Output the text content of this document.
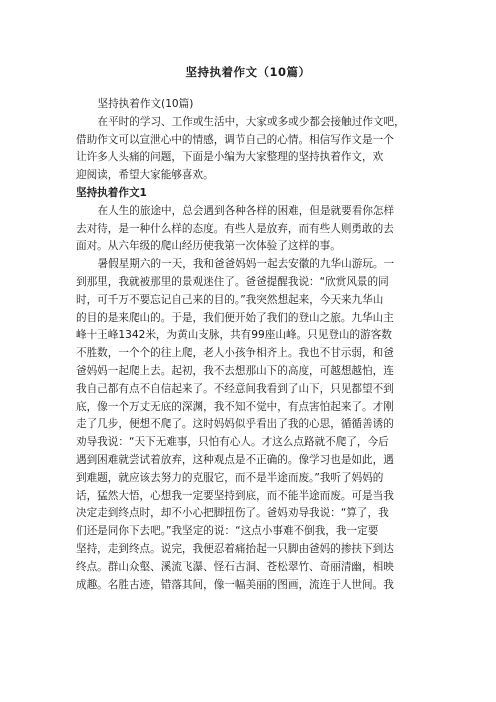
坚持执着作文（10篇）
坚持执着作文(10篇)
在平时的学习、工作或生活中，大家或多或少都会接触过作文吧，
借助作文可以宣泄心中的情感，调节自己的心情。相信写作文是一个
让许多人头痛的问题，下面是小编为大家整理的坚持执着作文，欢
迎阅读，希望大家能够喜欢。
坚持执着作文1
在人生的旅途中，总会遇到各种各样的困难，但是就要看你怎样
去对待，是一种什么样的态度。有些人是放弃，而有些人则勇敢的去
面对。从六年级的爬山经历使我第一次体验了这样的事。
暑假星期六的一天，我和爸爸妈妈一起去安徽的九华山游玩。一
到那里，我就被那里的景观迷住了。爸爸提醒我说：“欣赏风景的同
时，可千万不要忘记自己来的目的。”我突然想起来，今天来九华山
的目的是来爬山的。于是，我们便开始了我们的登山之旅。九华山主
峰十王峰1342米，为黄山支脉，共有99座山峰。只见登山的游客数
不胜数，一个个的往上爬，老人小孩争相齐上。我也不甘示弱，和爸
爸妈妈一起爬上去。起初，我不去想那山下的高度，可越想越怕，连
我自己都有点不自信起来了。不经意间我看到了山下，只见都望不到
底，像一个万丈无底的深渊，我不知不觉中，有点害怕起来了。才刚
走了几步，便想不爬了。这时妈妈似乎看出了我的心思，循循善诱的
劝导我说：“天下无难事，只怕有心人。才这么点路就不爬了，今后
遇到困难就尝试着放弃，这种观点是不正确的。像学习也是如此，遇
到难题，就应该去努力的克服它，而不是半途而废。”我听了妈妈的
话，猛然大悟，心想我一定要坚持到底，而不能半途而废。可是当我
决定走到终点时，却不小心把脚扭伤了。爸妈劝导我说：“算了，我
们还是同你下去吧。”我坚定的说：“这点小事难不倒我，我一定要
坚持，走到终点。说完，我便忍着痛抬起一只脚由爸妈的掺扶下到达
终点。群山众壑、溪流飞瀑、怪石古洞、苍松翠竹、奇丽清幽，相映
成趣。名胜古迹，错落其间，像一幅美丽的图画，流连于人世间。我
